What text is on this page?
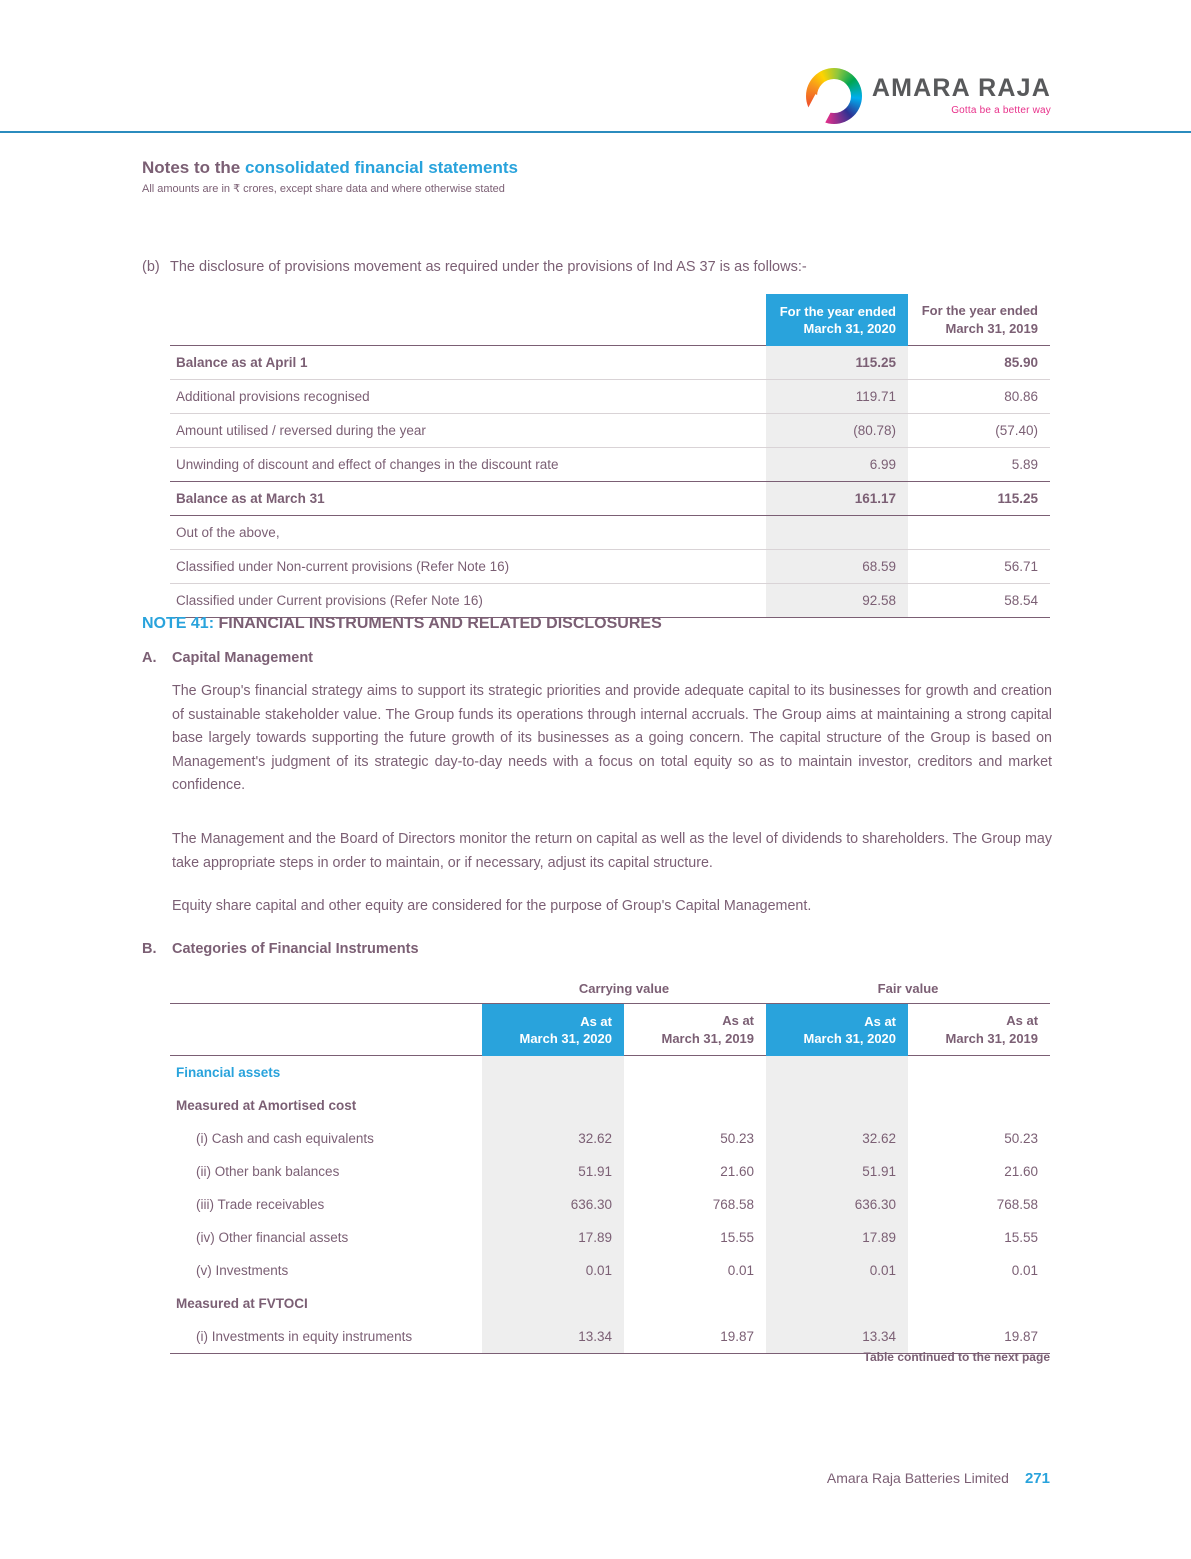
AMARA RAJA
Gotta be a better way
Notes to the consolidated financial statements
All amounts are in ₹ crores, except share data and where otherwise stated
(b) The disclosure of provisions movement as required under the provisions of Ind AS 37 is as follows:-

For the year ended
March 31, 2020

For the year ended
March 31, 2019

Balance as at April 1	115.25	85.90
Additional provisions recognised	119.71	80.86
Amount utilised / reversed during the year	(80.78)	(57.40)
Unwinding of discount and effect of changes in the discount rate	6.99	5.89
Balance as at March 31	161.17	115.25
Out of the above,		
Classified under Non-current provisions (Refer Note 16)	68.59	56.71
Classified under Current provisions (Refer Note 16)	92.58	58.54
NOTE 41: FINANCIAL INSTRUMENTS AND RELATED DISCLOSURES
A. Capital Management
The Group's financial strategy aims to support its strategic priorities and provide adequate capital to its businesses for growth and creation of sustainable stakeholder value. The Group funds its operations through internal accruals. The Group aims at maintaining a strong capital base largely towards supporting the future growth of its businesses as a going concern. The capital structure of the Group is based on Management's judgment of its strategic day-to-day needs with a focus on total equity so as to maintain investor, creditors and market confidence.
The Management and the Board of Directors monitor the return on capital as well as the level of dividends to shareholders. The Group may take appropriate steps in order to maintain, or if necessary, adjust its capital structure.
Equity share capital and other equity are considered for the purpose of Group's Capital Management.
B. Categories of Financial Instruments
	Carrying value		Fair value	

As at
March 31, 2020

As at
March 31, 2019

As at
March 31, 2020

As at
March 31, 2019

Financial assets				
Measured at Amortised cost				
(i) Cash and cash equivalents	32.62	50.23	32.62	50.23
(ii) Other bank balances	51.91	21.60	51.91	21.60
(iii) Trade receivables	636.30	768.58	636.30	768.58
(iv) Other financial assets	17.89	15.55	17.89	15.55
(v) Investments	0.01	0.01	0.01	0.01
Measured at FVTOCI				
(i) Investments in equity instruments	13.34	19.87	13.34	19.87
Table continued to the next page
Amara Raja Batteries Limited 271
